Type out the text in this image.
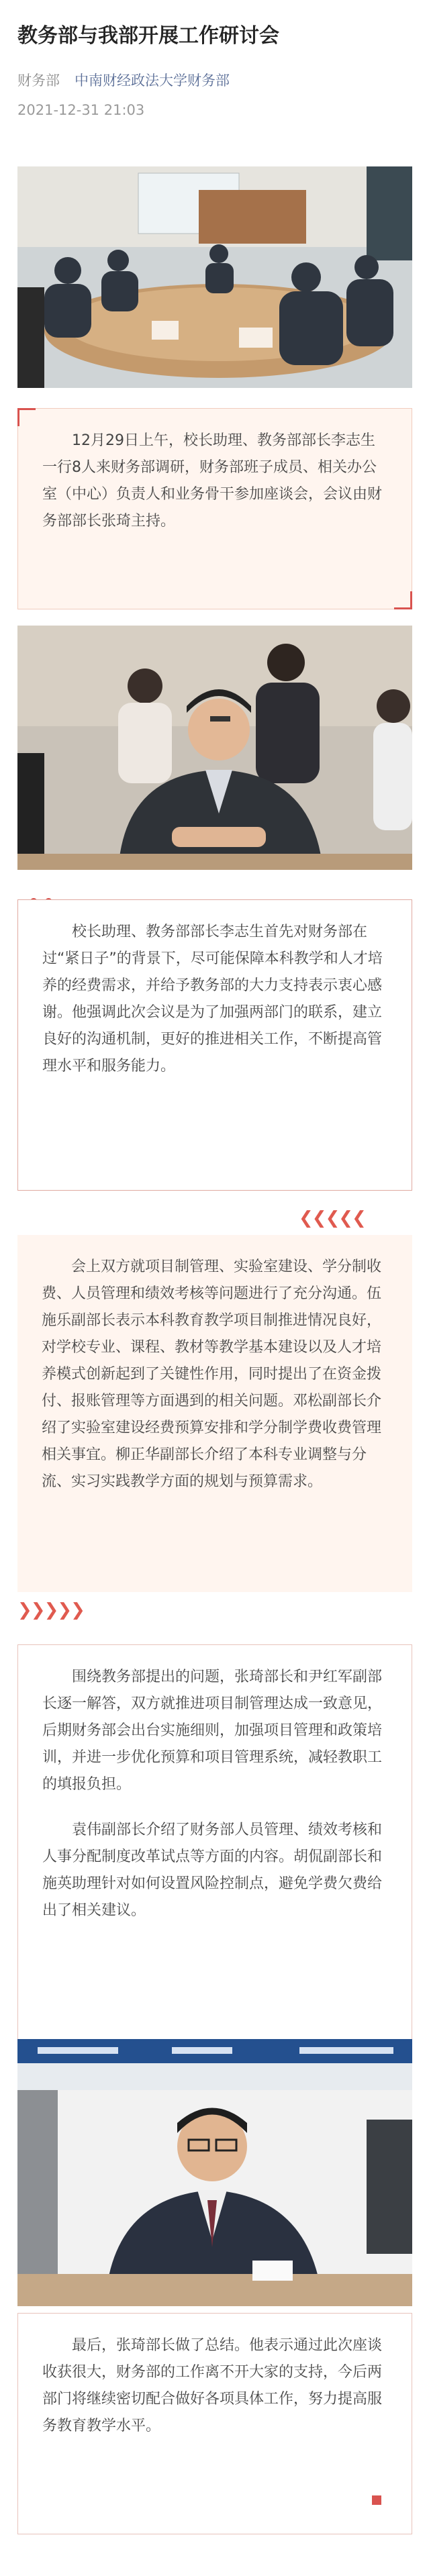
教务部与我部开展工作研讨会
财务部 中南财经政法大学财务部
2021-12-31 21:03

12月29日上午，校长助理、教务部部长李志生一行8人来财务部调研，财务部班子成员、相关办公室（中心）负责人和业务骨干参加座谈会，会议由财务部部长张琦主持。

校长助理、教务部部长李志生首先对财务部在过“紧日子”的背景下，尽可能保障本科教学和人才培养的经费需求，并给予教务部的大力支持表示衷心感谢。他强调此次会议是为了加强两部门的联系，建立良好的沟通机制，更好的推进相关工作，不断提高管理水平和服务能力。

❮❮❮❮❮

会上双方就项目制管理、实验室建设、学分制收费、人员管理和绩效考核等问题进行了充分沟通。伍施乐副部长表示本科教育教学项目制推进情况良好，对学校专业、课程、教材等教学基本建设以及人才培养模式创新起到了关键性作用，同时提出了在资金拨付、报账管理等方面遇到的相关问题。邓松副部长介绍了实验室建设经费预算安排和学分制学费收费管理相关事宜。柳正华副部长介绍了本科专业调整与分流、实习实践教学方面的规划与预算需求。

❯❯❯❯❯

围绕教务部提出的问题，张琦部长和尹红军副部长逐一解答，双方就推进项目制管理达成一致意见，后期财务部会出台实施细则，加强项目管理和政策培训，并进一步优化预算和项目管理系统，减轻教职工的填报负担。

袁伟副部长介绍了财务部人员管理、绩效考核和人事分配制度改革试点等方面的内容。胡侃副部长和施英助理针对如何设置风险控制点，避免学费欠费给出了相关建议。

最后，张琦部长做了总结。他表示通过此次座谈收获很大，财务部的工作离不开大家的支持，今后两部门将继续密切配合做好各项具体工作，努力提高服务教育教学水平。
